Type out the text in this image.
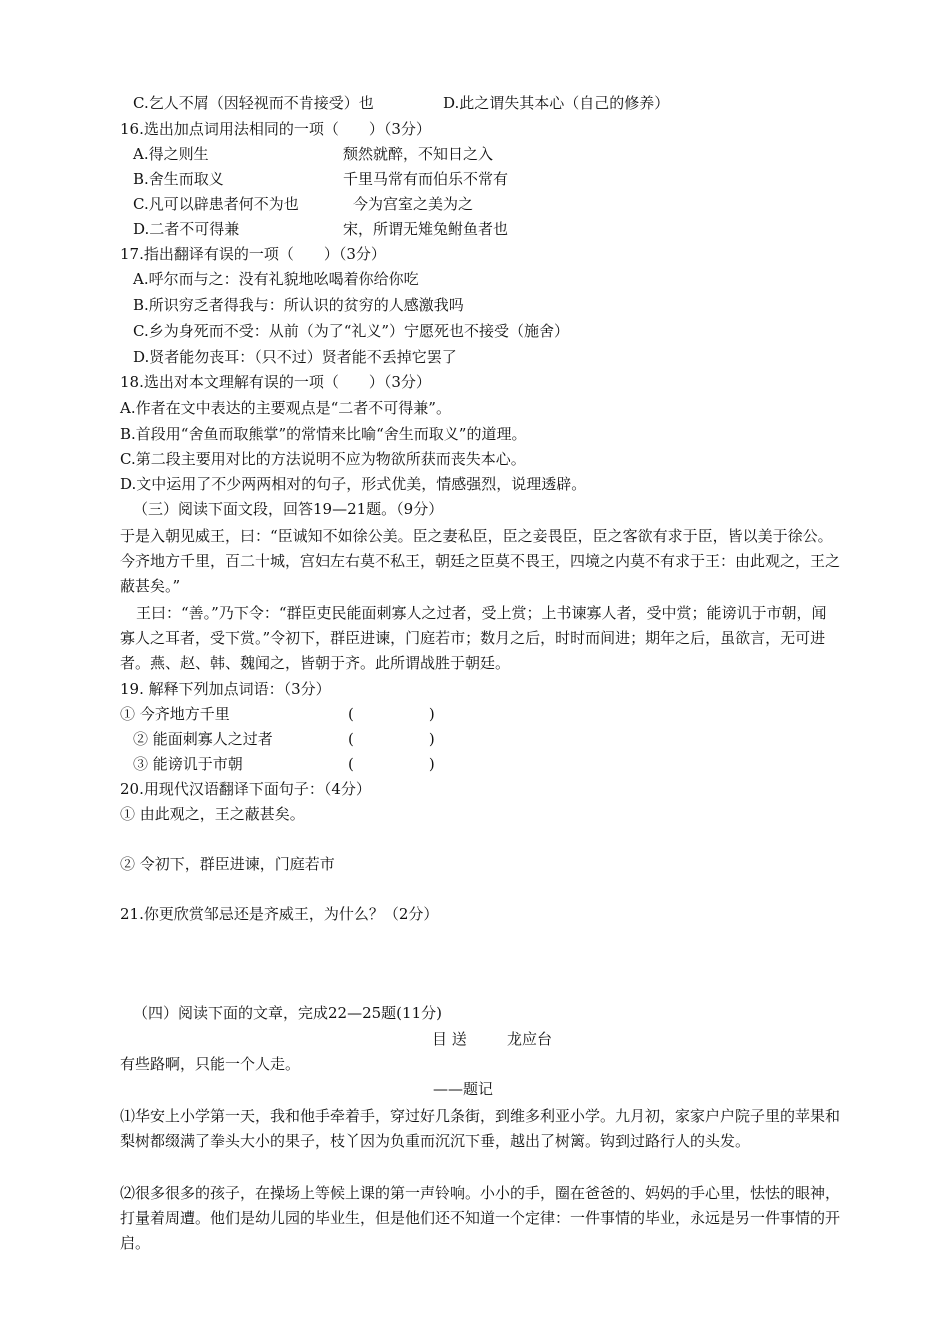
C.乞人不屑（因轻视而不肯接受）也	D.此之谓失其本心（自己的修养）
16.选出加点词用法相同的一项（　　）（3分）
A.得之则生	颓然就醉，不知日之入
B.舍生而取义	千里马常有而伯乐不常有
C.凡可以辟患者何不为也	今为宫室之美为之
D.二者不可得兼	宋，所谓无雉兔鲋鱼者也
17.指出翻译有误的一项（　　）（3分）
A.呼尔而与之：没有礼貌地吆喝着你给你吃
B.所识穷乏者得我与：所认识的贫穷的人感激我吗
C.乡为身死而不受：从前（为了“礼义”）宁愿死也不接受（施舍）
D.贤者能勿丧耳：（只不过）贤者能不丢掉它罢了
18.选出对本文理解有误的一项（　　）（3分）
A.作者在文中表达的主要观点是“二者不可得兼”。
B.首段用“舍鱼而取熊掌”的常情来比喻“舍生而取义”的道理。
C.第二段主要用对比的方法说明不应为物欲所获而丧失本心。
D.文中运用了不少两两相对的句子，形式优美，情感强烈，说理透辟。
（三）阅读下面文段，回答19—21题。（9分）
于是入朝见威王，曰：“臣诚知不如徐公美。臣之妻私臣，臣之妾畏臣，臣之客欲有求于臣，皆以美于徐公。今齐地方千里，百二十城，宫妇左右莫不私王，朝廷之臣莫不畏王，四境之内莫不有求于王：由此观之，王之蔽甚矣。”
王曰：“善。”乃下令：“群臣吏民能面刺寡人之过者，受上赏；上书谏寡人者，受中赏；能谤讥于市朝，闻寡人之耳者，受下赏。”令初下，群臣进谏，门庭若市；数月之后，时时而间进；期年之后，虽欲言，无可进者。燕、赵、韩、魏闻之，皆朝于齐。此所谓战胜于朝廷。
19. 解释下列加点词语：（3分）
① 今齐地方千里	(　　　　　)
② 能面刺寡人之过者	(　　　　　)
③ 能谤讥于市朝	(　　　　　)
20.用现代汉语翻译下面句子：（4分）
① 由此观之，王之蔽甚矣。
② 令初下，群臣进谏，门庭若市
21.你更欣赏邹忌还是齐威王，为什么？（2分）
（四）阅读下面的文章，完成22—25题(11分)
目 送	龙应台
有些路啊，只能一个人走。
——题记
⑴华安上小学第一天，我和他手牵着手，穿过好几条街，到维多利亚小学。九月初，家家户户院子里的苹果和梨树都缀满了拳头大小的果子，枝丫因为负重而沉沉下垂，越出了树篱。钩到过路行人的头发。
⑵很多很多的孩子，在操场上等候上课的第一声铃响。小小的手，圈在爸爸的、妈妈的手心里，怯怯的眼神，打量着周遭。他们是幼儿园的毕业生，但是他们还不知道一个定律：一件事情的毕业，永远是另一件事情的开启。
